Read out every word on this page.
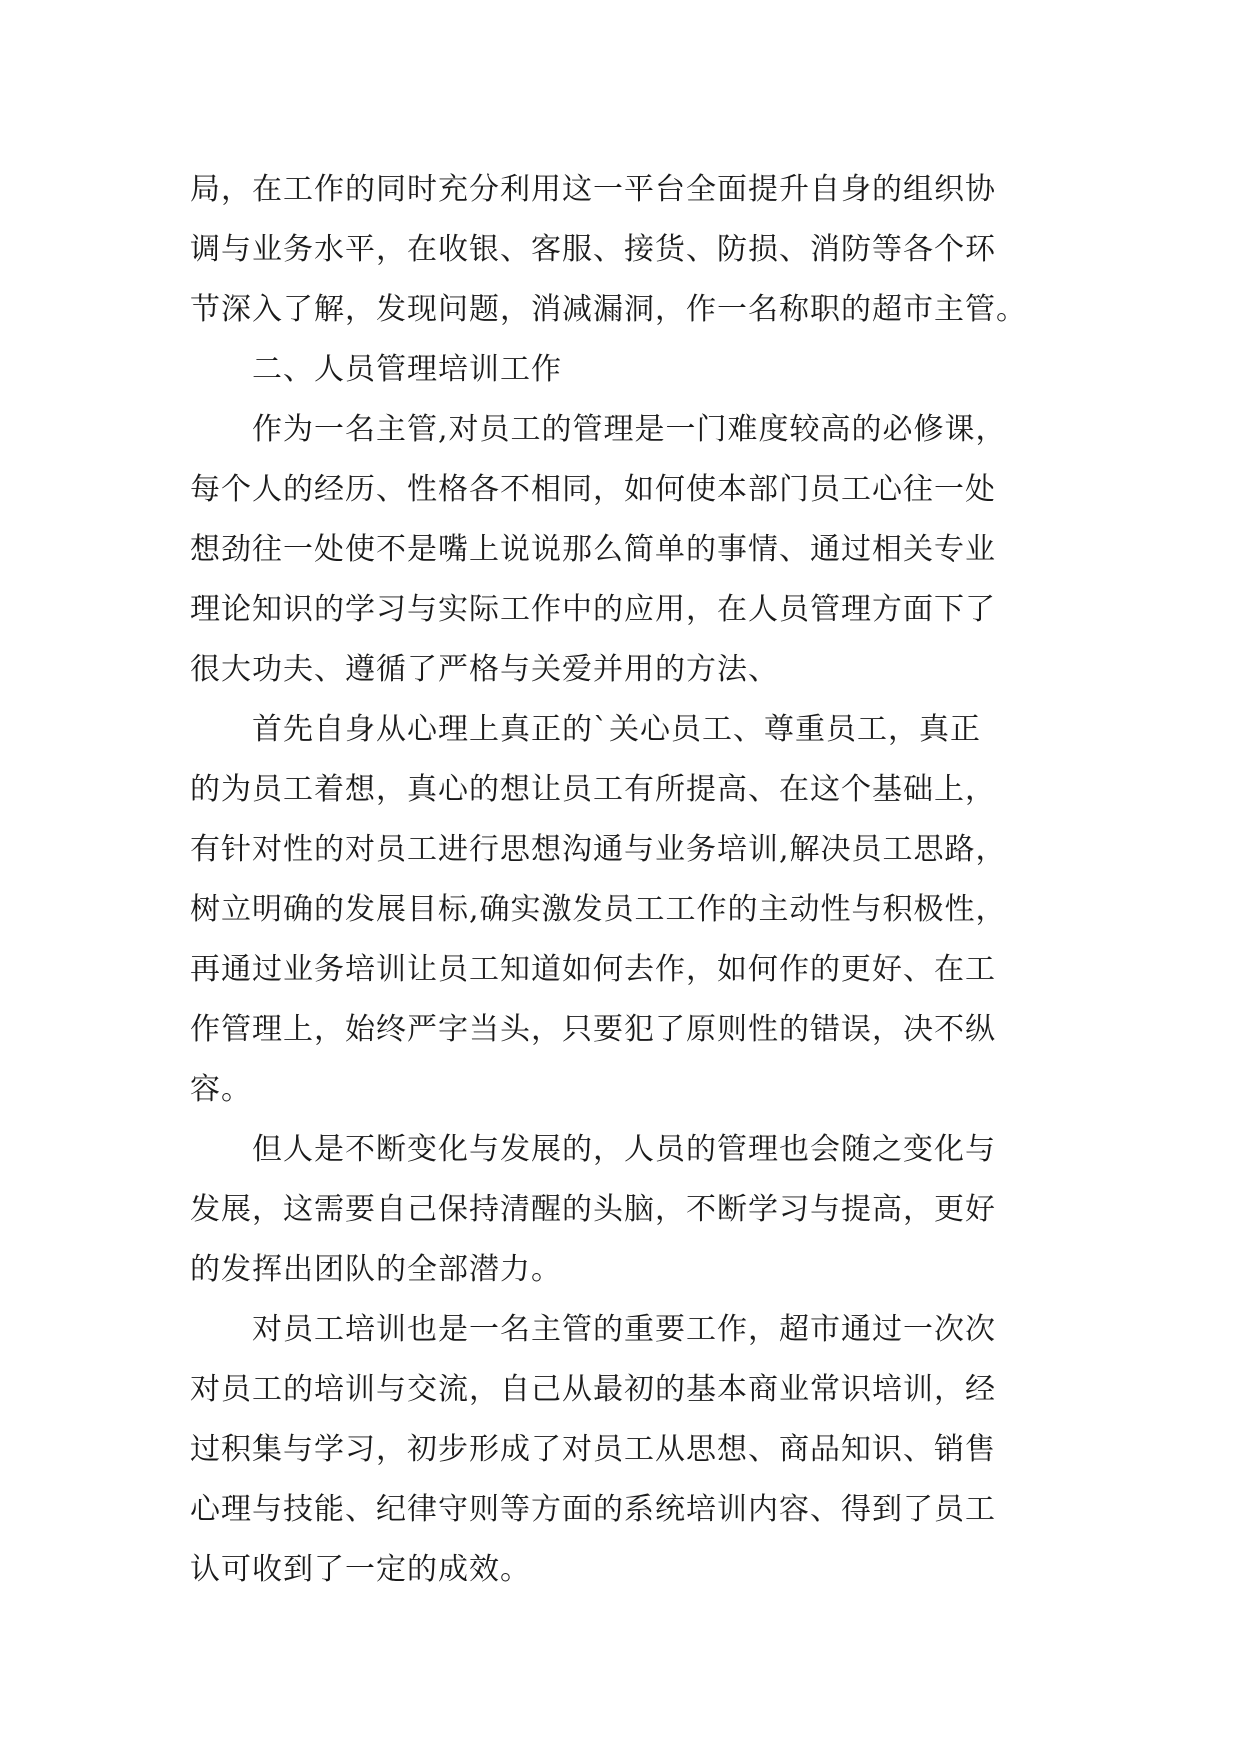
局，在工作的同时充分利用这一平台全面提升自身的组织协
调与业务水平，在收银、客服、接货、防损、消防等各个环
节深入了解，发现问题，消减漏洞，作一名称职的超市主管。
二、人员管理培训工作
作为一名主管,对员工的管理是一门难度较高的必修课，
每个人的经历、性格各不相同，如何使本部门员工心往一处
想劲往一处使不是嘴上说说那么简单的事情、通过相关专业
理论知识的学习与实际工作中的应用，在人员管理方面下了
很大功夫、遵循了严格与关爱并用的方法、
首先自身从心理上真正的`关心员工、尊重员工，真正
的为员工着想，真心的想让员工有所提高、在这个基础上，
有针对性的对员工进行思想沟通与业务培训,解决员工思路，
树立明确的发展目标,确实激发员工工作的主动性与积极性，
再通过业务培训让员工知道如何去作，如何作的更好、在工
作管理上，始终严字当头，只要犯了原则性的错误，决不纵
容。
但人是不断变化与发展的，人员的管理也会随之变化与
发展，这需要自己保持清醒的头脑，不断学习与提高，更好
的发挥出团队的全部潜力。
对员工培训也是一名主管的重要工作，超市通过一次次
对员工的培训与交流，自己从最初的基本商业常识培训，经
过积集与学习，初步形成了对员工从思想、商品知识、销售
心理与技能、纪律守则等方面的系统培训内容、得到了员工
认可收到了一定的成效。
